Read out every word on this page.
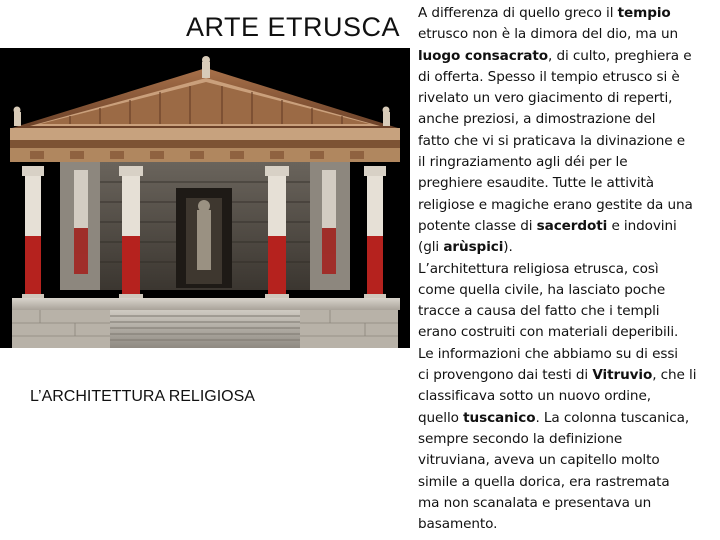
ARTE ETRUSCA
L’ARCHITETTURA RELIGIOSA
A differenza di quello greco il tempio
etrusco non è la dimora del dio, ma un
luogo consacrato, di culto, preghiera e
di offerta. Spesso il tempio etrusco si è
rivelato un vero giacimento di reperti,
anche preziosi, a dimostrazione del
fatto che vi si praticava la divinazione e
il ringraziamento agli déi per le
preghiere esaudite. Tutte le attività
religiose e magiche erano gestite da una
potente classe di sacerdoti e indovini
(gli arùspici).
L’architettura religiosa etrusca, così
come quella civile, ha lasciato poche
tracce a causa del fatto che i templi
erano costruiti con materiali deperibili.
Le informazioni che abbiamo su di essi
ci provengono dai testi di Vitruvio, che li
classificava sotto un nuovo ordine,
quello tuscanico. La colonna tuscanica,
sempre secondo la definizione
vitruviana, aveva un capitello molto
simile a quella dorica, era rastremata
ma non scanalata e presentava un
basamento.
